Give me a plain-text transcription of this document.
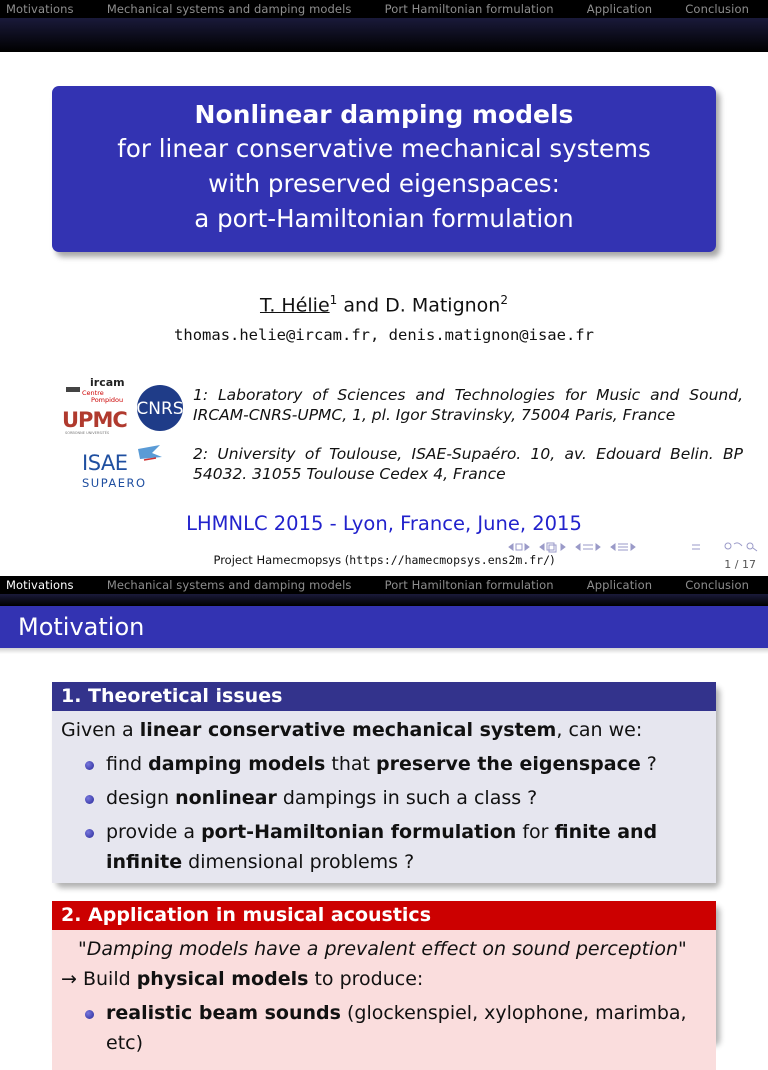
Motivations	Mechanical systems and damping models	Port Hamiltonian formulation	Application	Conclusion
Nonlinear damping models
for linear conservative mechanical systems
with preserved eigenspaces:
a port-Hamiltonian formulation
T. Hélie$^1$ and D. Matignon$^2$
thomas.helie@ircam.fr, denis.matignon@isae.fr
ircam
Centre
Pompidou
UPMC
SORBONNE UNIVERSITÉS
CNRS
ISAE
SUPAERO
1: Laboratory of Sciences and Technologies for Music and Sound, IRCAM-CNRS-UPMC, 1, pl. Igor Stravinsky, 75004 Paris, France
2: University of Toulouse, ISAE-Supaéro. 10, av. Edouard Belin. BP 54032. 31055 Toulouse Cedex 4, France
LHMNLC 2015 - Lyon, France, June, 2015
Project Hamecmopsys (https://hamecmopsys.ens2m.fr/)	1 / 17
Motivations	Mechanical systems and damping models	Port Hamiltonian formulation	Application	Conclusion
Motivation
1. Theoretical issues
Given a linear conservative mechanical system, can we:
find damping models that preserve the eigenspace ?
design nonlinear dampings in such a class ?
provide a port-Hamiltonian formulation for finite and infinite dimensional problems ?
2. Application in musical acoustics
"Damping models have a prevalent effect on sound perception"
→ Build physical models to produce:
realistic beam sounds (glockenspiel, xylophone, marimba, etc)
